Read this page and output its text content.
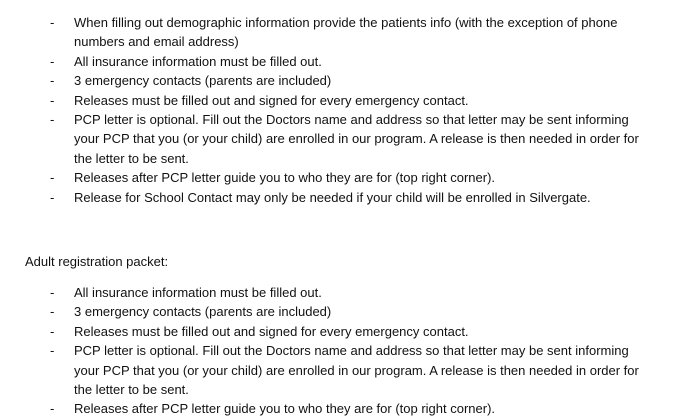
- When filling out demographic information provide the patients info (with the exception of phone numbers and email address)
- All insurance information must be filled out.
- 3 emergency contacts (parents are included)
- Releases must be filled out and signed for every emergency contact.
- PCP letter is optional. Fill out the Doctors name and address so that letter may be sent informing your PCP that you (or your child) are enrolled in our program. A release is then needed in order for the letter to be sent.
- Releases after PCP letter guide you to who they are for (top right corner).
- Release for School Contact may only be needed if your child will be enrolled in Silvergate.
Adult registration packet:
- All insurance information must be filled out.
- 3 emergency contacts (parents are included)
- Releases must be filled out and signed for every emergency contact.
- PCP letter is optional. Fill out the Doctors name and address so that letter may be sent informing your PCP that you (or your child) are enrolled in our program. A release is then needed in order for the letter to be sent.
- Releases after PCP letter guide you to who they are for (top right corner).
